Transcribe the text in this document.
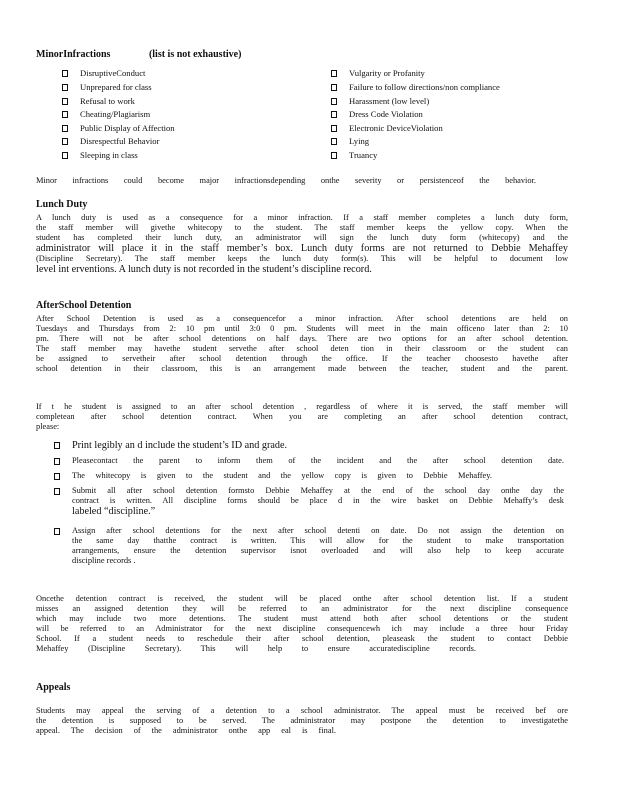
MinorInfractions	(list is not exhaustive)
DisruptiveConduct
Unprepared for class
Refusal to work
Cheating/Plagiarism
Public Display of Affection
Disrespectful Behavior
Sleeping in class
Vulgarity or Profanity
Failure to follow directions/non compliance
Harassment (low level)
Dress Code Violation
Electronic DeviceViolation
Lying
Truancy
Minor infractions could become major infractionsdepending onthe severity or persistenceof the behavior.
Lunch Duty
A lunch duty is used as a consequence for a minor infraction. If a staff member completes a lunch duty form,
the staff member will givethe whitecopy to the student. The staff member keeps the yellow copy. When the
student has completed their lunch duty, an administrator will sign the lunch duty form (whitecopy) and the
administrator will place it in the staff member’s box. Lunch duty forms are not returned to Debbie Mehaffey
(Discipline Secretary). The staff member keeps the lunch duty form(s). This will be helpful to document low
level int erventions. A lunch duty is not recorded in the student’s discipline record.
AfterSchool Detention
After School Detention is used as a consequencefor a minor infraction. After school detentions are held on
Tuesdays and Thursdays from 2: 10 pm until 3:0 0 pm. Students will meet in the main officeno later than 2: 10
pm. There will not be after school detentions on half days. There are two options for an after school detention.
The staff member may havethe student servethe after school deten tion in their classroom or the student can
be assigned to servetheir after school detention through the office. If the teacher choosesto havethe after
school detention in their classroom, this is an arrangement made between the teacher, student and the parent.
If t he student is assigned to an after school detention , regardless of where it is served, the staff member will
completean after school detention contract. When you are completing an after school detention contract,
please:
Print legibly an d include the student’s ID and grade.
Pleasecontact the parent to inform them of the incident and the after school detention date.
The whitecopy is given to the student and the yellow copy is given to Debbie Mehaffey.
Submit all after school detention formsto Debbie Mehaffey at the end of the school day onthe day the
contract is written. All discipline forms should be place d in the wire basket on Debbie Mehaffy’s desk
labeled “discipline.”
Assign after school detentions for the next after school detenti on date. Do not assign the detention on
the same day thatthe contract is written. This will allow for the student to make transportation
arrangements, ensure the detention supervisor isnot overloaded and will also help to keep accurate
discipline records .
Oncethe detention contract is received, the student will be placed onthe after school detention list. If a student
misses an assigned detention they will be referred to an administrator for the next discipline consequence
which may include two more detentions. The student must attend both after school detentions or the student
will be referred to an Administrator for the next discipline consequencewh ich may include a three hour Friday
School. If a student needs to reschedule their after school detention, pleaseask the student to contact Debbie
Mehaffey (Discipline Secretary). This will help to ensure accuratediscipline records.
Appeals
Students may appeal the serving of a detention to a school administrator. The appeal must be received bef ore
the detention is supposed to be served. The administrator may postpone the detention to investigatethe
appeal. The decision of the administrator onthe app eal is final.
